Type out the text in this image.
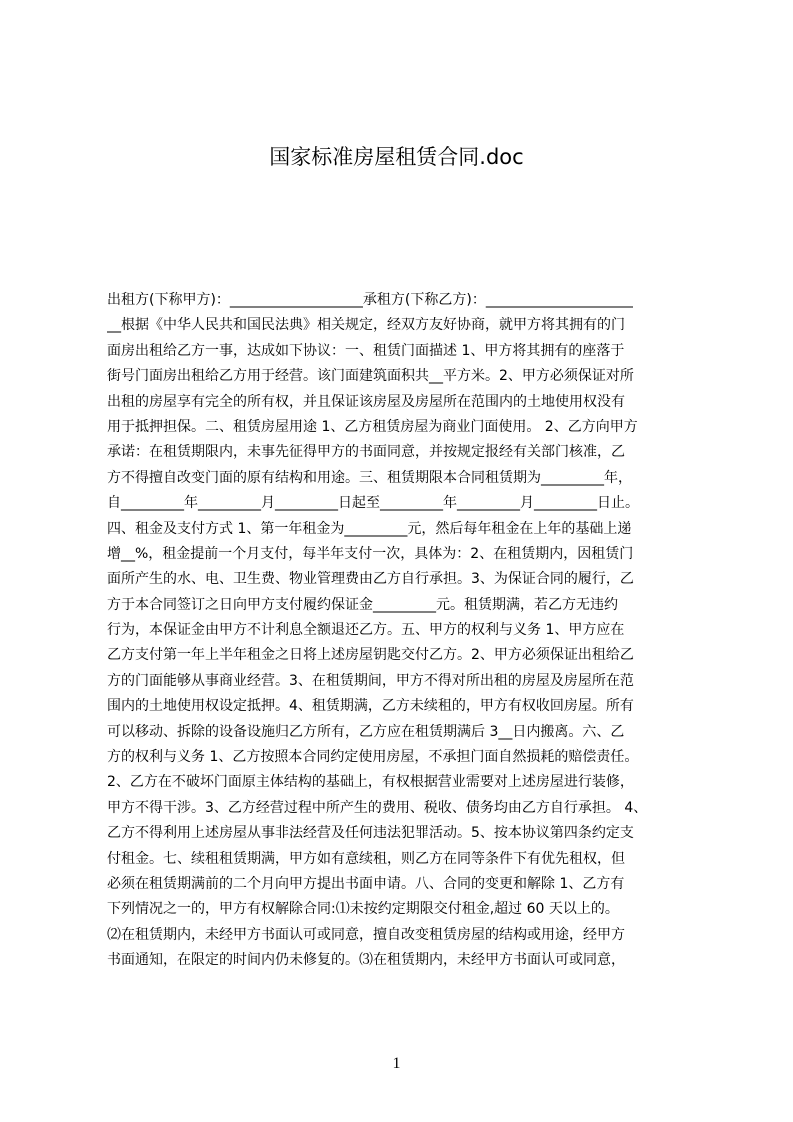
国家标准房屋租赁合同.doc
出租方(下称甲方)：___________________承租方(下称乙方)：_____________________
__根据《中华人民共和国民法典》相关规定，经双方友好协商，就甲方将其拥有的门
面房出租给乙方一事，达成如下协议：一、租赁门面描述 1、甲方将其拥有的座落于
街号门面房出租给乙方用于经营。该门面建筑面积共__平方米。2、甲方必须保证对所
出租的房屋享有完全的所有权，并且保证该房屋及房屋所在范围内的土地使用权没有
用于抵押担保。二、租赁房屋用途 1、乙方租赁房屋为商业门面使用。 2、乙方向甲方
承诺：在租赁期限内，未事先征得甲方的书面同意，并按规定报经有关部门核准，乙
方不得擅自改变门面的原有结构和用途。三、租赁期限本合同租赁期为_________年，
自_________年_________月_________日起至_________年_________月_________日止。
四、租金及支付方式 1、第一年租金为_________元，然后每年租金在上年的基础上递
增__%，租金提前一个月支付，每半年支付一次，具体为：2、在租赁期内，因租赁门
面所产生的水、电、卫生费、物业管理费由乙方自行承担。3、为保证合同的履行，乙
方于本合同签订之日向甲方支付履约保证金_________元。租赁期满，若乙方无违约
行为，本保证金由甲方不计利息全额退还乙方。五、甲方的权利与义务 1、甲方应在
乙方支付第一年上半年租金之日将上述房屋钥匙交付乙方。2、甲方必须保证出租给乙
方的门面能够从事商业经营。3、在租赁期间，甲方不得对所出租的房屋及房屋所在范
围内的土地使用权设定抵押。4、租赁期满，乙方未续租的，甲方有权收回房屋。所有
可以移动、拆除的设备设施归乙方所有，乙方应在租赁期满后 3__日内搬离。六、乙
方的权利与义务 1、乙方按照本合同约定使用房屋，不承担门面自然损耗的赔偿责任。
2、乙方在不破坏门面原主体结构的基础上，有权根据营业需要对上述房屋进行装修，
甲方不得干涉。3、乙方经营过程中所产生的费用、税收、债务均由乙方自行承担。 4、
乙方不得利用上述房屋从事非法经营及任何违法犯罪活动。5、按本协议第四条约定支
付租金。七、续租租赁期满，甲方如有意续租，则乙方在同等条件下有优先租权，但
必须在租赁期满前的二个月向甲方提出书面申请。八、合同的变更和解除 1、乙方有
下列情况之一的，甲方有权解除合同:⑴未按约定期限交付租金,超过 60 天以上的。
⑵在租赁期内，未经甲方书面认可或同意，擅自改变租赁房屋的结构或用途，经甲方
书面通知，在限定的时间内仍未修复的。⑶在租赁期内，未经甲方书面认可或同意，
1
